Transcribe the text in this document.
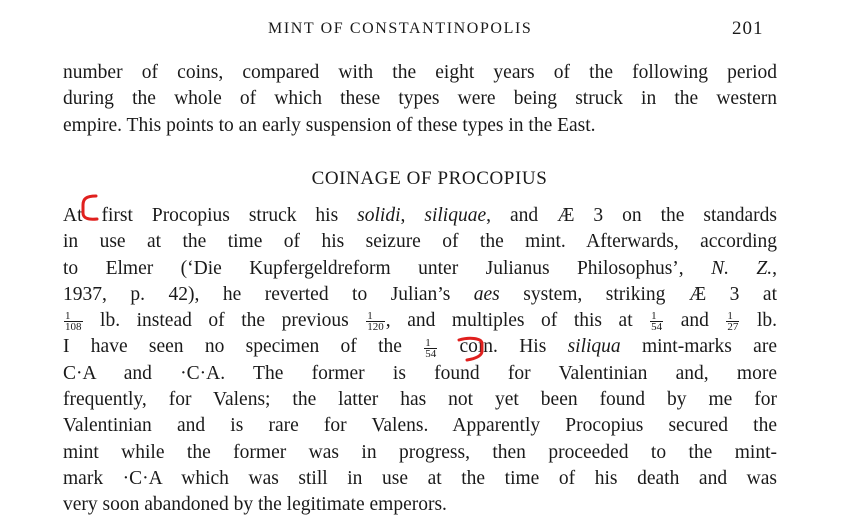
MINT OF CONSTANTINOPOLIS	201
number of coins, compared with the eight years of the following period
during the whole of which these types were being struck in the western
empire. This points to an early suspension of these types in the East.
COINAGE OF PROCOPIUS
At first Procopius struck his solidi, siliquae, and Æ 3 on the standards
in use at the time of his seizure of the mint. Afterwards, according
to Elmer (‘Die Kupfergeldreform unter Julianus Philosophus’, N. Z.,
1937, p. 42), he reverted to Julian’s aes system, striking Æ 3 at
$\frac{1}{108}$ lb. instead of the previous $\frac{1}{120}$ , and multiples of this at $\frac{1}{54}$ and $\frac{1}{27}$ lb.
I have seen no specimen of the $\frac{1}{54}$ coin. His siliqua mint-marks are
C·A and ·C·A. The former is found for Valentinian and, more
frequently, for Valens; the latter has not yet been found by me for
Valentinian and is rare for Valens. Apparently Procopius secured the
mint while the former was in progress, then proceeded to the mint-
mark ·C·A which was still in use at the time of his death and was
very soon abandoned by the legitimate emperors.
